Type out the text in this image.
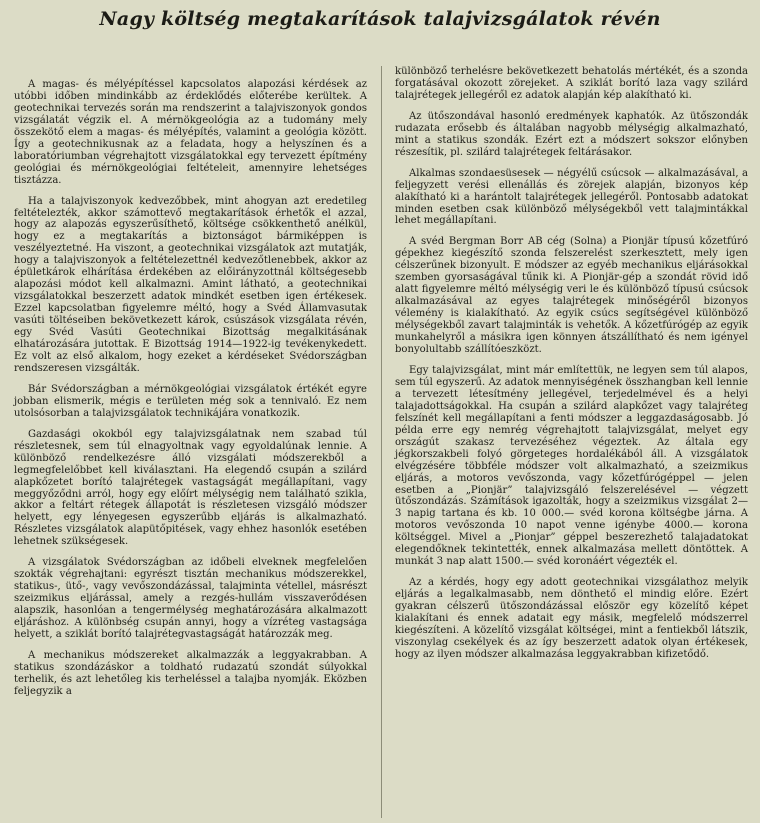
Nagy költség megtakarítások talajvizsgálatok révén

A magas- és mélyépítéssel kapcsolatos alapozási kérdések az utóbbi időben mindinkább az érdeklődés előterébe kerültek. A geotechnikai tervezés során ma rendszerint a talajviszonyok gondos vizsgálatát végzik el. A mérnökgeológia az a tudomány mely összekötő elem a magas- és mélyépítés, valamint a geológia között. Így a geotechnikusnak az a feladata, hogy a helyszínen és a laboratóriumban végrehajtott vizsgálatokkal egy tervezett építmény geológiai és mérnökgeológiai feltételeit, amennyire lehetséges tisztázza.

Ha a talajviszonyok kedvezőbbek, mint ahogyan azt eredetileg feltételezték, akkor számottevő megtakarítások érhetők el azzal, hogy az alapozás egyszerűsíthető, költsége csökkenthető anélkül, hogy ez a megtakarítás a biztonságot bármiképpen is veszélyeztetné. Ha viszont, a geotechnikai vizsgálatok azt mutatják, hogy a talajviszonyok a feltételezettnél kedvezőtlenebbek, akkor az épületkárok elhárítása érdekében az előirányzottnál költségesebb alapozási módot kell alkalmazni. Amint látható, a geotechnikai vizsgálatokkal beszerzett adatok mindkét esetben igen értékesek. Ezzel kapcsolatban figyelemre méltó, hogy a Svéd Államvasutak vasúti töltéseiben bekövetkezett károk, csúszások vizsgálata révén, egy Svéd Vasúti Geotechnikai Bizottság megalkitásának elhatározására jutottak. E Bizottság 1914—1922-ig tevékenykedett. Ez volt az első alkalom, hogy ezeket a kérdéseket Svédországban rendszeresen vizsgálták.

Bár Svédországban a mérnökgeológiai vizsgálatok értékét egyre jobban elismerik, mégis e területen még sok a tennivaló. Ez nem utolsósorban a talajvizsgálatok technikájára vonatkozik.

Gazdasági okokból egy talajvizsgálatnak nem szabad túl részletesnek, sem túl elnagyoltnak vagy egyoldalúnak lennie. A különböző rendelkezésre álló vizsgálati módszerekből a legmegfelelőbbet kell kiválasztani. Ha elegendő csupán a szilárd alapkőzetet borító talajrétegek vastagságát megállapítani, vagy meggyőződni arról, hogy egy előírt mélységig nem található szikla, akkor a feltárt rétegek állapotát is részletesen vizsgáló módszer helyett, egy lényegesen egyszerűbb eljárás is alkalmazható. Részletes vizsgálatok alapütőpitések, vagy ehhez hasonlók esetében lehetnek szükségesek.

A vizsgálatok Svédországban az időbeli elveknek megfelelően szokták végrehajtani: egyrészt tisztán mechanikus módszerekkel, statikus-, ütő-, vagy vevőszondázással, talajminta vétellel, másrészt szeizmikus eljárással, amely a rezgés-hullám visszaverődésen alapszik, hasonlóan a tengermélység meghatározására alkalmazott eljáráshoz. A különbség csupán annyi, hogy a vízréteg vastagsága helyett, a sziklát borító talajrétegvastagságát határozzák meg.

A mechanikus módszereket alkalmazzák a leggyakrabban. A statikus szondázáskor a toldható rudazatú szondát súlyokkal terhelik, és azt lehetőleg kis terheléssel a talajba nyomják. Eközben feljegyzik a

különböző terhelésre bekövetkezett behatolás mértékét, és a szonda forgatásával okozott zörejeket. A sziklát borító laza vagy szilárd talajrétegek jellegéről ez adatok alapján kép alakítható ki.

Az ütőszondával hasonló eredmények kaphatók. Az ütőszondák rudazata erősebb és általában nagyobb mélységig alkalmazható, mint a statikus szondák. Ezért ezt a módszert sokszor előnyben részesítik, pl. szilárd talajrétegek feltárásakor.

Alkalmas szondaesüsesek — négyélű csúcsok — alkalmazásával, a feljegyzett verési ellenállás és zörejek alapján, bizonyos kép alakítható ki a harántolt talajrétegek jellegéről. Pontosabb adatokat minden esetben csak különböző mélységekből vett talajmintákkal lehet megállapítani.

A svéd Bergman Borr AB cég (Solna) a Pionjär típusú kőzetfúró gépekhez kiegészítő szonda felszerelést szerkesztett, mely igen célszerűnek bizonyult. E módszer az egyéb mechanikus eljárásokkal szemben gyorsaságával tűnik ki. A Pionjär-gép a szondát rövid idő alatt figyelemre méltó mélységig veri le és különböző típusú csúcsok alkalmazásával az egyes talajrétegek minőségéről bizonyos vélemény is kialakítható. Az egyik csúcs segítségével különböző mélységekből zavart talajminták is vehetők. A kőzetfúrógép az egyik munkahelyről a másikra igen könnyen átszállítható és nem igényel bonyolultabb szállítóeszközt.

Egy talajvizsgálat, mint már említettük, ne legyen sem túl alapos, sem túl egyszerű. Az adatok mennyiségének összhangban kell lennie a tervezett létesítmény jellegével, terjedelmével és a helyi talajadottságokkal. Ha csupán a szilárd alapkőzet vagy talajréteg felszínét kell megállapítani a fenti módszer a leggazdaságosabb. Jó példa erre egy nemrég végrehajtott talajvizsgálat, melyet egy országút szakasz tervezéséhez végeztek. Az általa egy jégkorszakbeli folyó görgeteges hordalékából áll. A vizsgálatok elvégzésére többféle módszer volt alkalmazható, a szeizmikus eljárás, a motoros vevőszonda, vagy kőzetfúrógéppel — jelen esetben a „Pionjär” talajvizsgáló felszerelésével — végzett ütőszondázás. Számítások igazolták, hogy a szeizmikus vizsgálat 2—3 napig tartana és kb. 10 000.— svéd korona költségbe járna. A motoros vevőszonda 10 napot venne igénybe 4000.— korona költséggel. Mivel a „Pionjar” géppel beszerezhető talajadatokat elegendőknek tekintették, ennek alkalmazása mellett döntöttek. A munkát 3 nap alatt 1500.— svéd koronáért végezték el.

Az a kérdés, hogy egy adott geotechnikai vizsgálathoz melyik eljárás a legalkalmasabb, nem dönthető el mindig előre. Ezért gyakran célszerű ütőszondázással először egy közelítő képet kialakítani és ennek adatait egy másik, megfelelő módszerrel kiegészíteni. A közelítő vizsgálat költségei, mint a fentiekből látszik, viszonylag csekélyek és az így beszerzett adatok olyan értékesek, hogy az ilyen módszer alkalmazása leggyakrabban kifizetődő.
